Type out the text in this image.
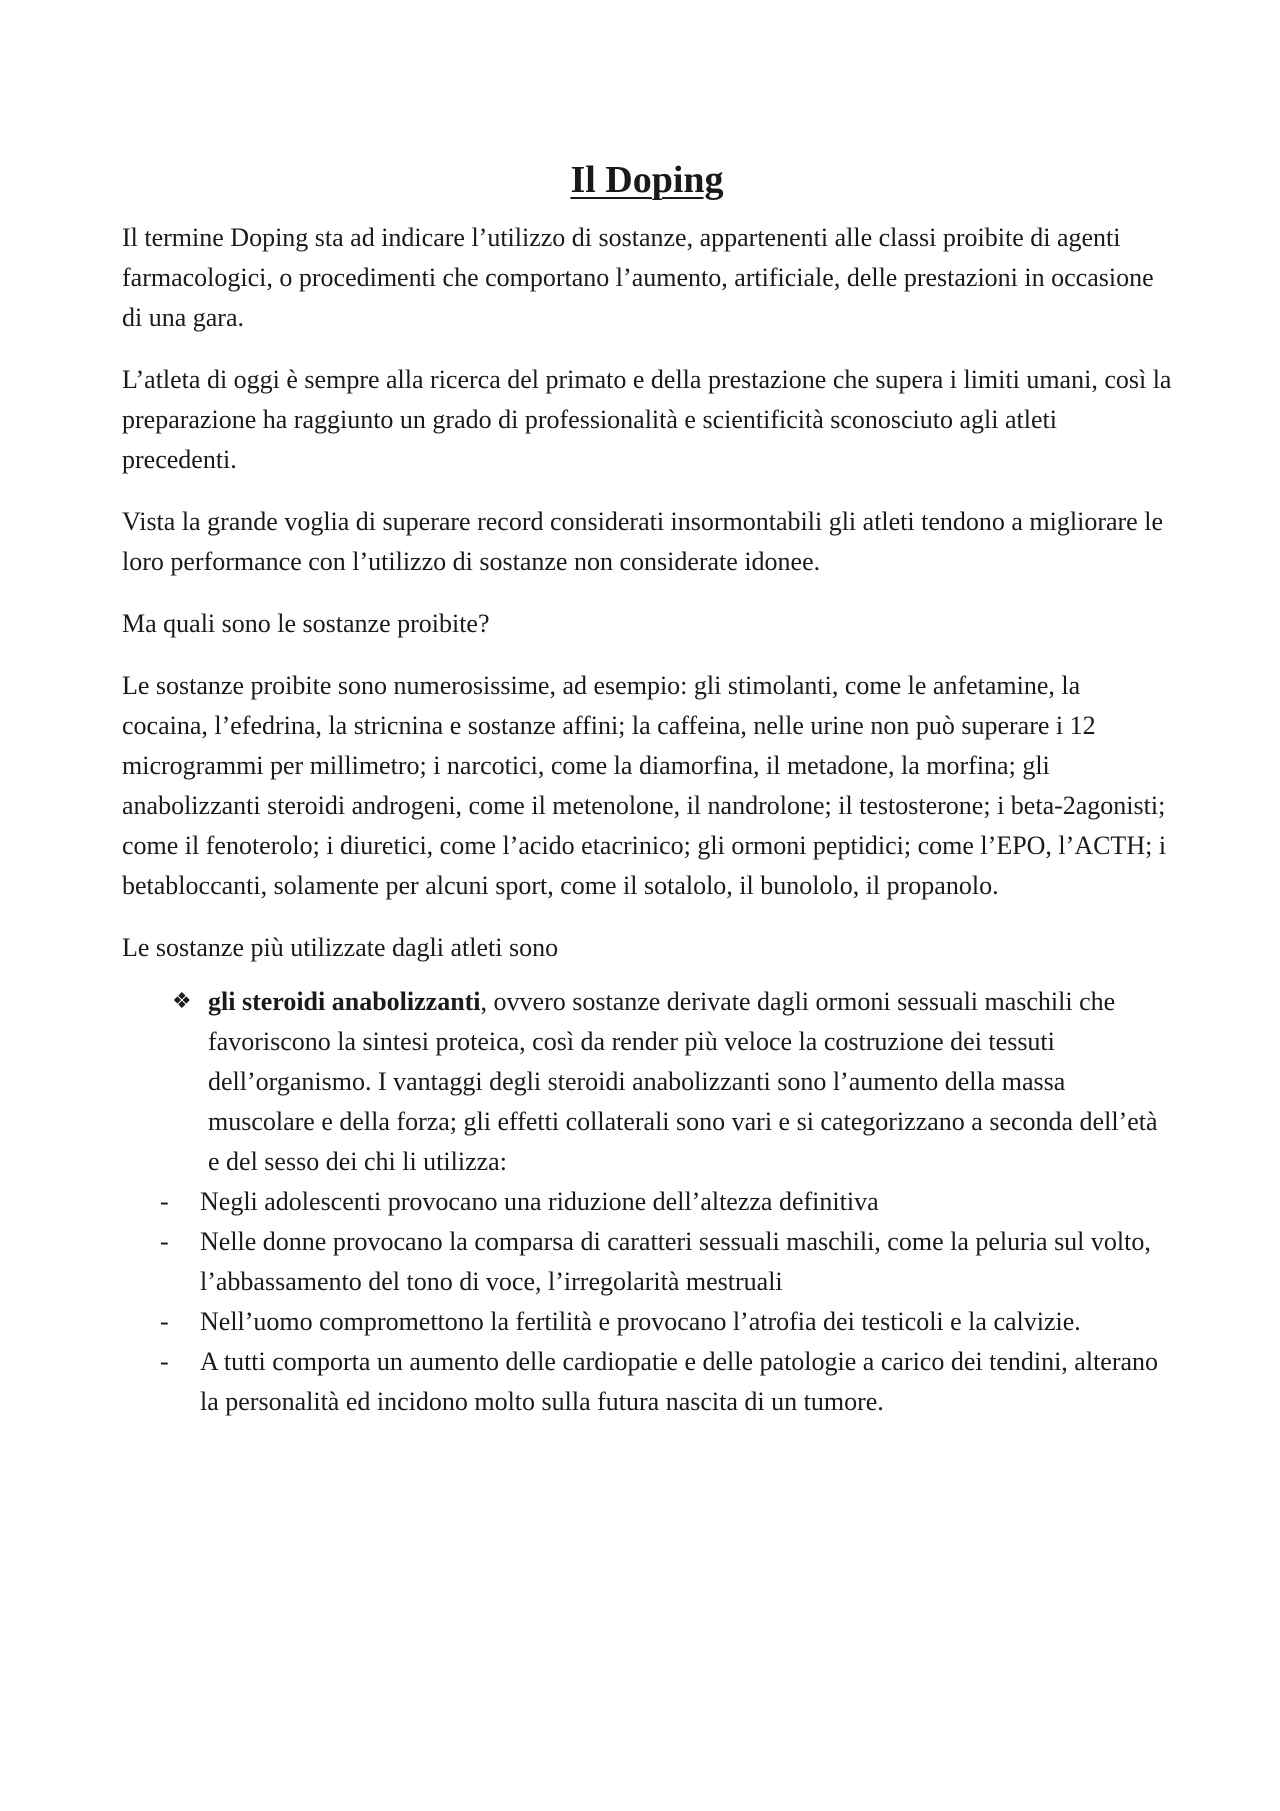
Il Doping

Il termine Doping sta ad indicare l’utilizzo di sostanze, appartenenti alle classi proibite di agenti farmacologici, o procedimenti che comportano l’aumento, artificiale, delle prestazioni in occasione di una gara.

L’atleta di oggi è sempre alla ricerca del primato e della prestazione che supera i limiti umani, così la preparazione ha raggiunto un grado di professionalità e scientificità sconosciuto agli atleti precedenti.

Vista la grande voglia di superare record considerati insormontabili gli atleti tendono a migliorare le loro performance con l’utilizzo di sostanze non considerate idonee.

Ma quali sono le sostanze proibite?

Le sostanze proibite sono numerosissime, ad esempio: gli stimolanti, come le anfetamine, la cocaina, l’efedrina, la stricnina e sostanze affini; la caffeina, nelle urine non può superare i 12 microgrammi per millimetro; i narcotici, come la diamorfina, il metadone, la morfina; gli anabolizzanti steroidi androgeni, come il metenolone, il nandrolone; il testosterone; i beta-2agonisti; come il fenoterolo; i diuretici, come l’acido etacrinico; gli ormoni peptidici; come l’EPO, l’ACTH; i betabloccanti, solamente per alcuni sport, come il sotalolo, il bunololo, il propanolo.

Le sostanze più utilizzate dagli atleti sono

❖ gli steroidi anabolizzanti, ovvero sostanze derivate dagli ormoni sessuali maschili che favoriscono la sintesi proteica, così da render più veloce la costruzione dei tessuti dell’organismo. I vantaggi degli steroidi anabolizzanti sono l’aumento della massa muscolare e della forza; gli effetti collaterali sono vari e si categorizzano a seconda dell’età e del sesso dei chi li utilizza:
- Negli adolescenti provocano una riduzione dell’altezza definitiva
- Nelle donne provocano la comparsa di caratteri sessuali maschili, come la peluria sul volto, l’abbassamento del tono di voce, l’irregolarità mestruali
- Nell’uomo compromettono la fertilità e provocano l’atrofia dei testicoli e la calvizie.
- A tutti comporta un aumento delle cardiopatie e delle patologie a carico dei tendini, alterano la personalità ed incidono molto sulla futura nascita di un tumore.
